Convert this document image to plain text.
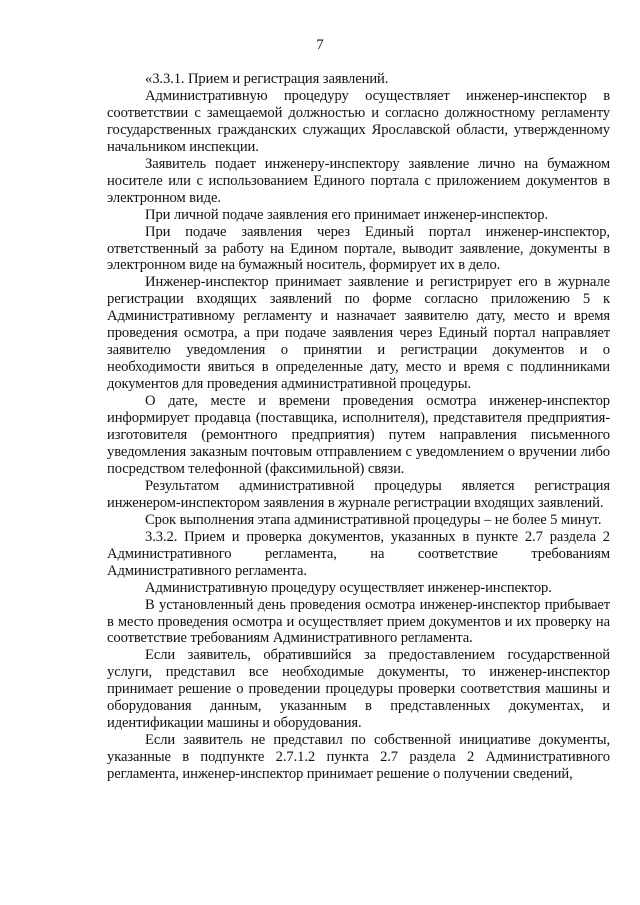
7

«3.3.1. Прием и регистрация заявлений.

Административную процедуру осуществляет инженер-инспектор в соответствии с замещаемой должностью и согласно должностному регламенту государственных гражданских служащих Ярославской области, утвержденному начальником инспекции.

Заявитель подает инженеру-инспектору заявление лично на бумажном носителе или с использованием Единого портала с приложением документов в электронном виде.

При личной подаче заявления его принимает инженер-инспектор.

При подаче заявления через Единый портал инженер-инспектор, ответственный за работу на Едином портале, выводит заявление, документы в электронном виде на бумажный носитель, формирует их в дело.

Инженер-инспектор принимает заявление и регистрирует его в журнале регистрации входящих заявлений по форме согласно приложению 5 к Административному регламенту и назначает заявителю дату, место и время проведения осмотра, а при подаче заявления через Единый портал направляет заявителю уведомления о принятии и регистрации документов и о необходимости явиться в определенные дату, место и время с подлинниками документов для проведения административной процедуры.

О дате, месте и времени проведения осмотра инженер-инспектор информирует продавца (поставщика, исполнителя), представителя предприятия-изготовителя (ремонтного предприятия) путем направления письменного уведомления заказным почтовым отправлением с уведомлением о вручении либо посредством телефонной (факсимильной) связи.

Результатом административной процедуры является регистрация инженером-инспектором заявления в журнале регистрации входящих заявлений.

Срок выполнения этапа административной процедуры – не более 5 минут.

3.3.2. Прием и проверка документов, указанных в пункте 2.7 раздела 2 Административного регламента, на соответствие требованиям Административного регламента.

Административную процедуру осуществляет инженер-инспектор.

В установленный день проведения осмотра инженер-инспектор прибывает в место проведения осмотра и осуществляет прием документов и их проверку на соответствие требованиям Административного регламента.

Если заявитель, обратившийся за предоставлением государственной услуги, представил все необходимые документы, то инженер-инспектор принимает решение о проведении процедуры проверки соответствия машины и оборудования данным, указанным в представленных документах, и идентификации машины и оборудования.

Если заявитель не представил по собственной инициативе документы, указанные в подпункте 2.7.1.2 пункта 2.7 раздела 2 Административного регламента, инженер-инспектор принимает решение о получении сведений,
